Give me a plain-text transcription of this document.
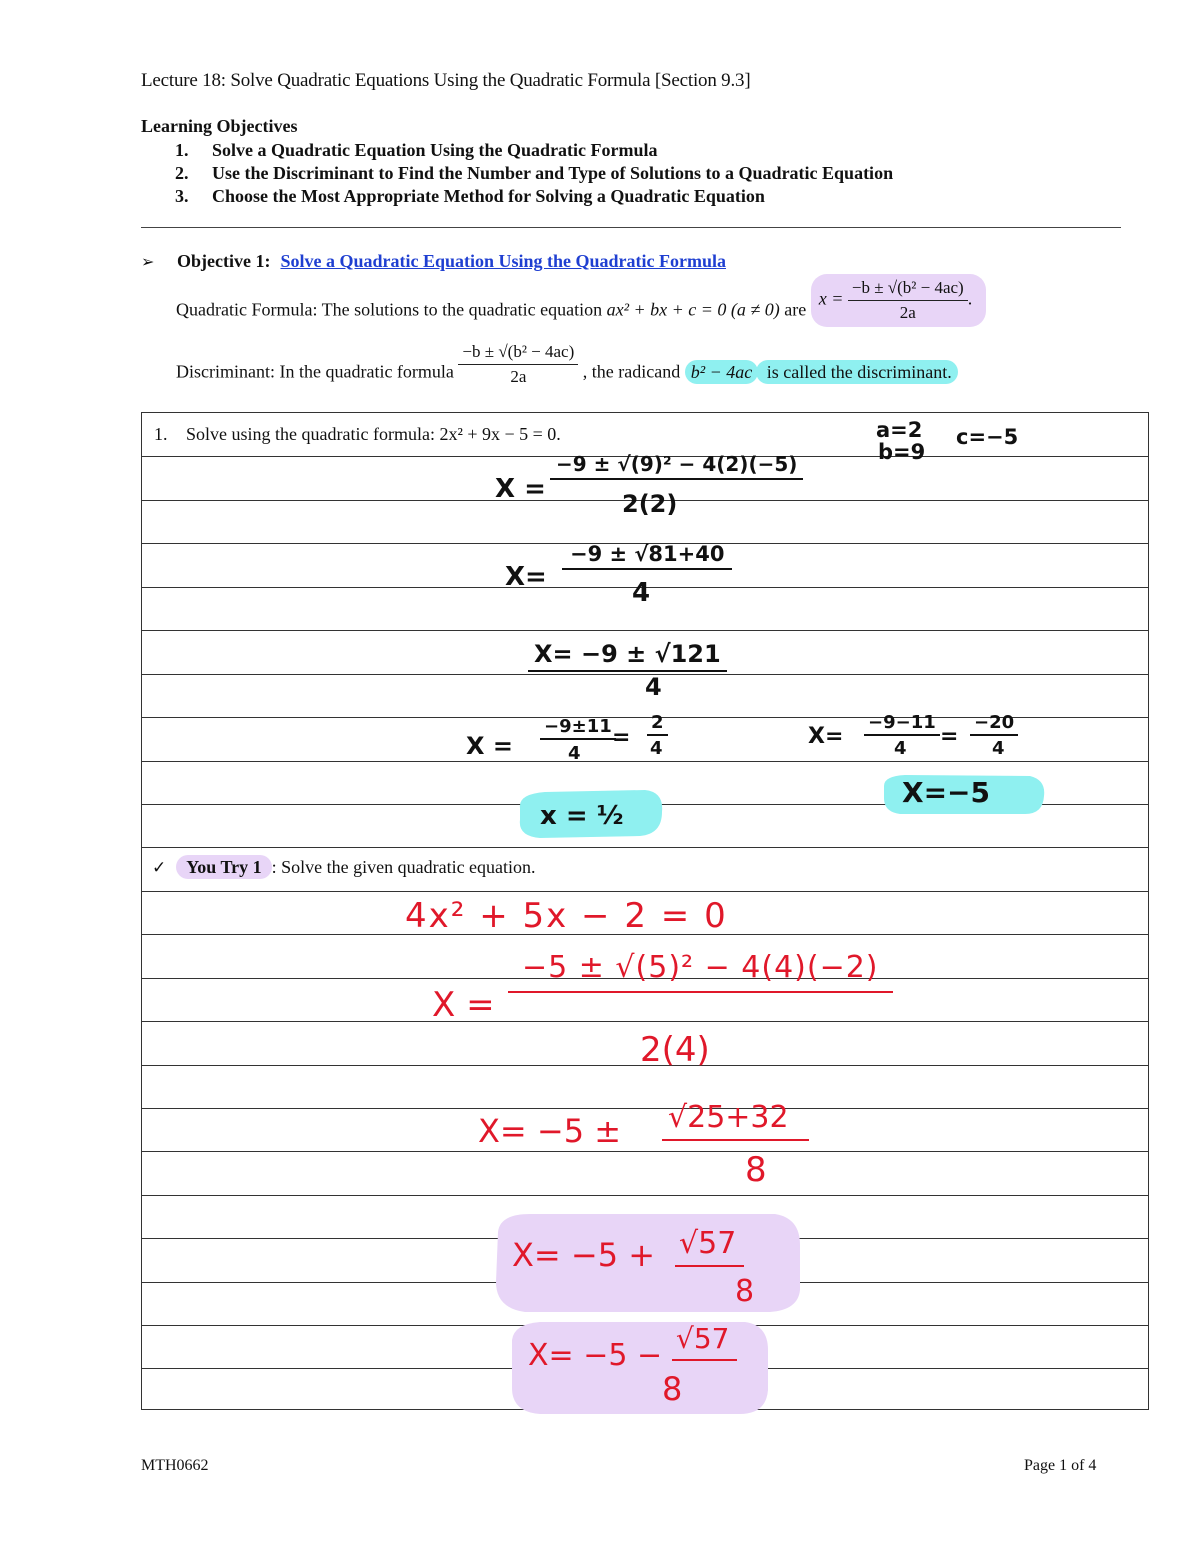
Lecture 18: Solve Quadratic Equations Using the Quadratic Formula [Section 9.3]
Learning Objectives
1. Solve a Quadratic Equation Using the Quadratic Formula
2. Use the Discriminant to Find the Number and Type of Solutions to a Quadratic Equation
3. Choose the Most Appropriate Method for Solving a Quadratic Equation
➢ Objective 1: Solve a Quadratic Equation Using the Quadratic Formula
Quadratic Formula: The solutions to the quadratic equation ax² + bx + c = 0 (a ≠ 0) are $x = \frac{\text{−b ± √(b² − 4ac)}}{2a}$ .
Discriminant: In the quadratic formula $\frac{\text{−b ± √(b² − 4ac)}}{2a}$ , the radicand b² − 4ac is called the discriminant.
1. Solve using the quadratic formula: 2x² + 9x − 5 = 0.	a=2
b=9
c=−5
X =
−9 ± √(9)² − 4(2)(−5)
2(2)
X=
−9 ± √81+40
4
X= −9 ± √121
4
X =
−9±11
4
=
2
4	X=
−9−11
4 =
−20
4
x = ½
X=−5
✓ You Try 1 : Solve the given quadratic equation.
4x² + 5x − 2 = 0
X =
−5 ± √(5)² − 4(4)(−2)
2(4)
X= −5 ± √25+32
8
X= −5 + √57
8
X= −5 − √57
8
MTH0662	Page 1 of 4
